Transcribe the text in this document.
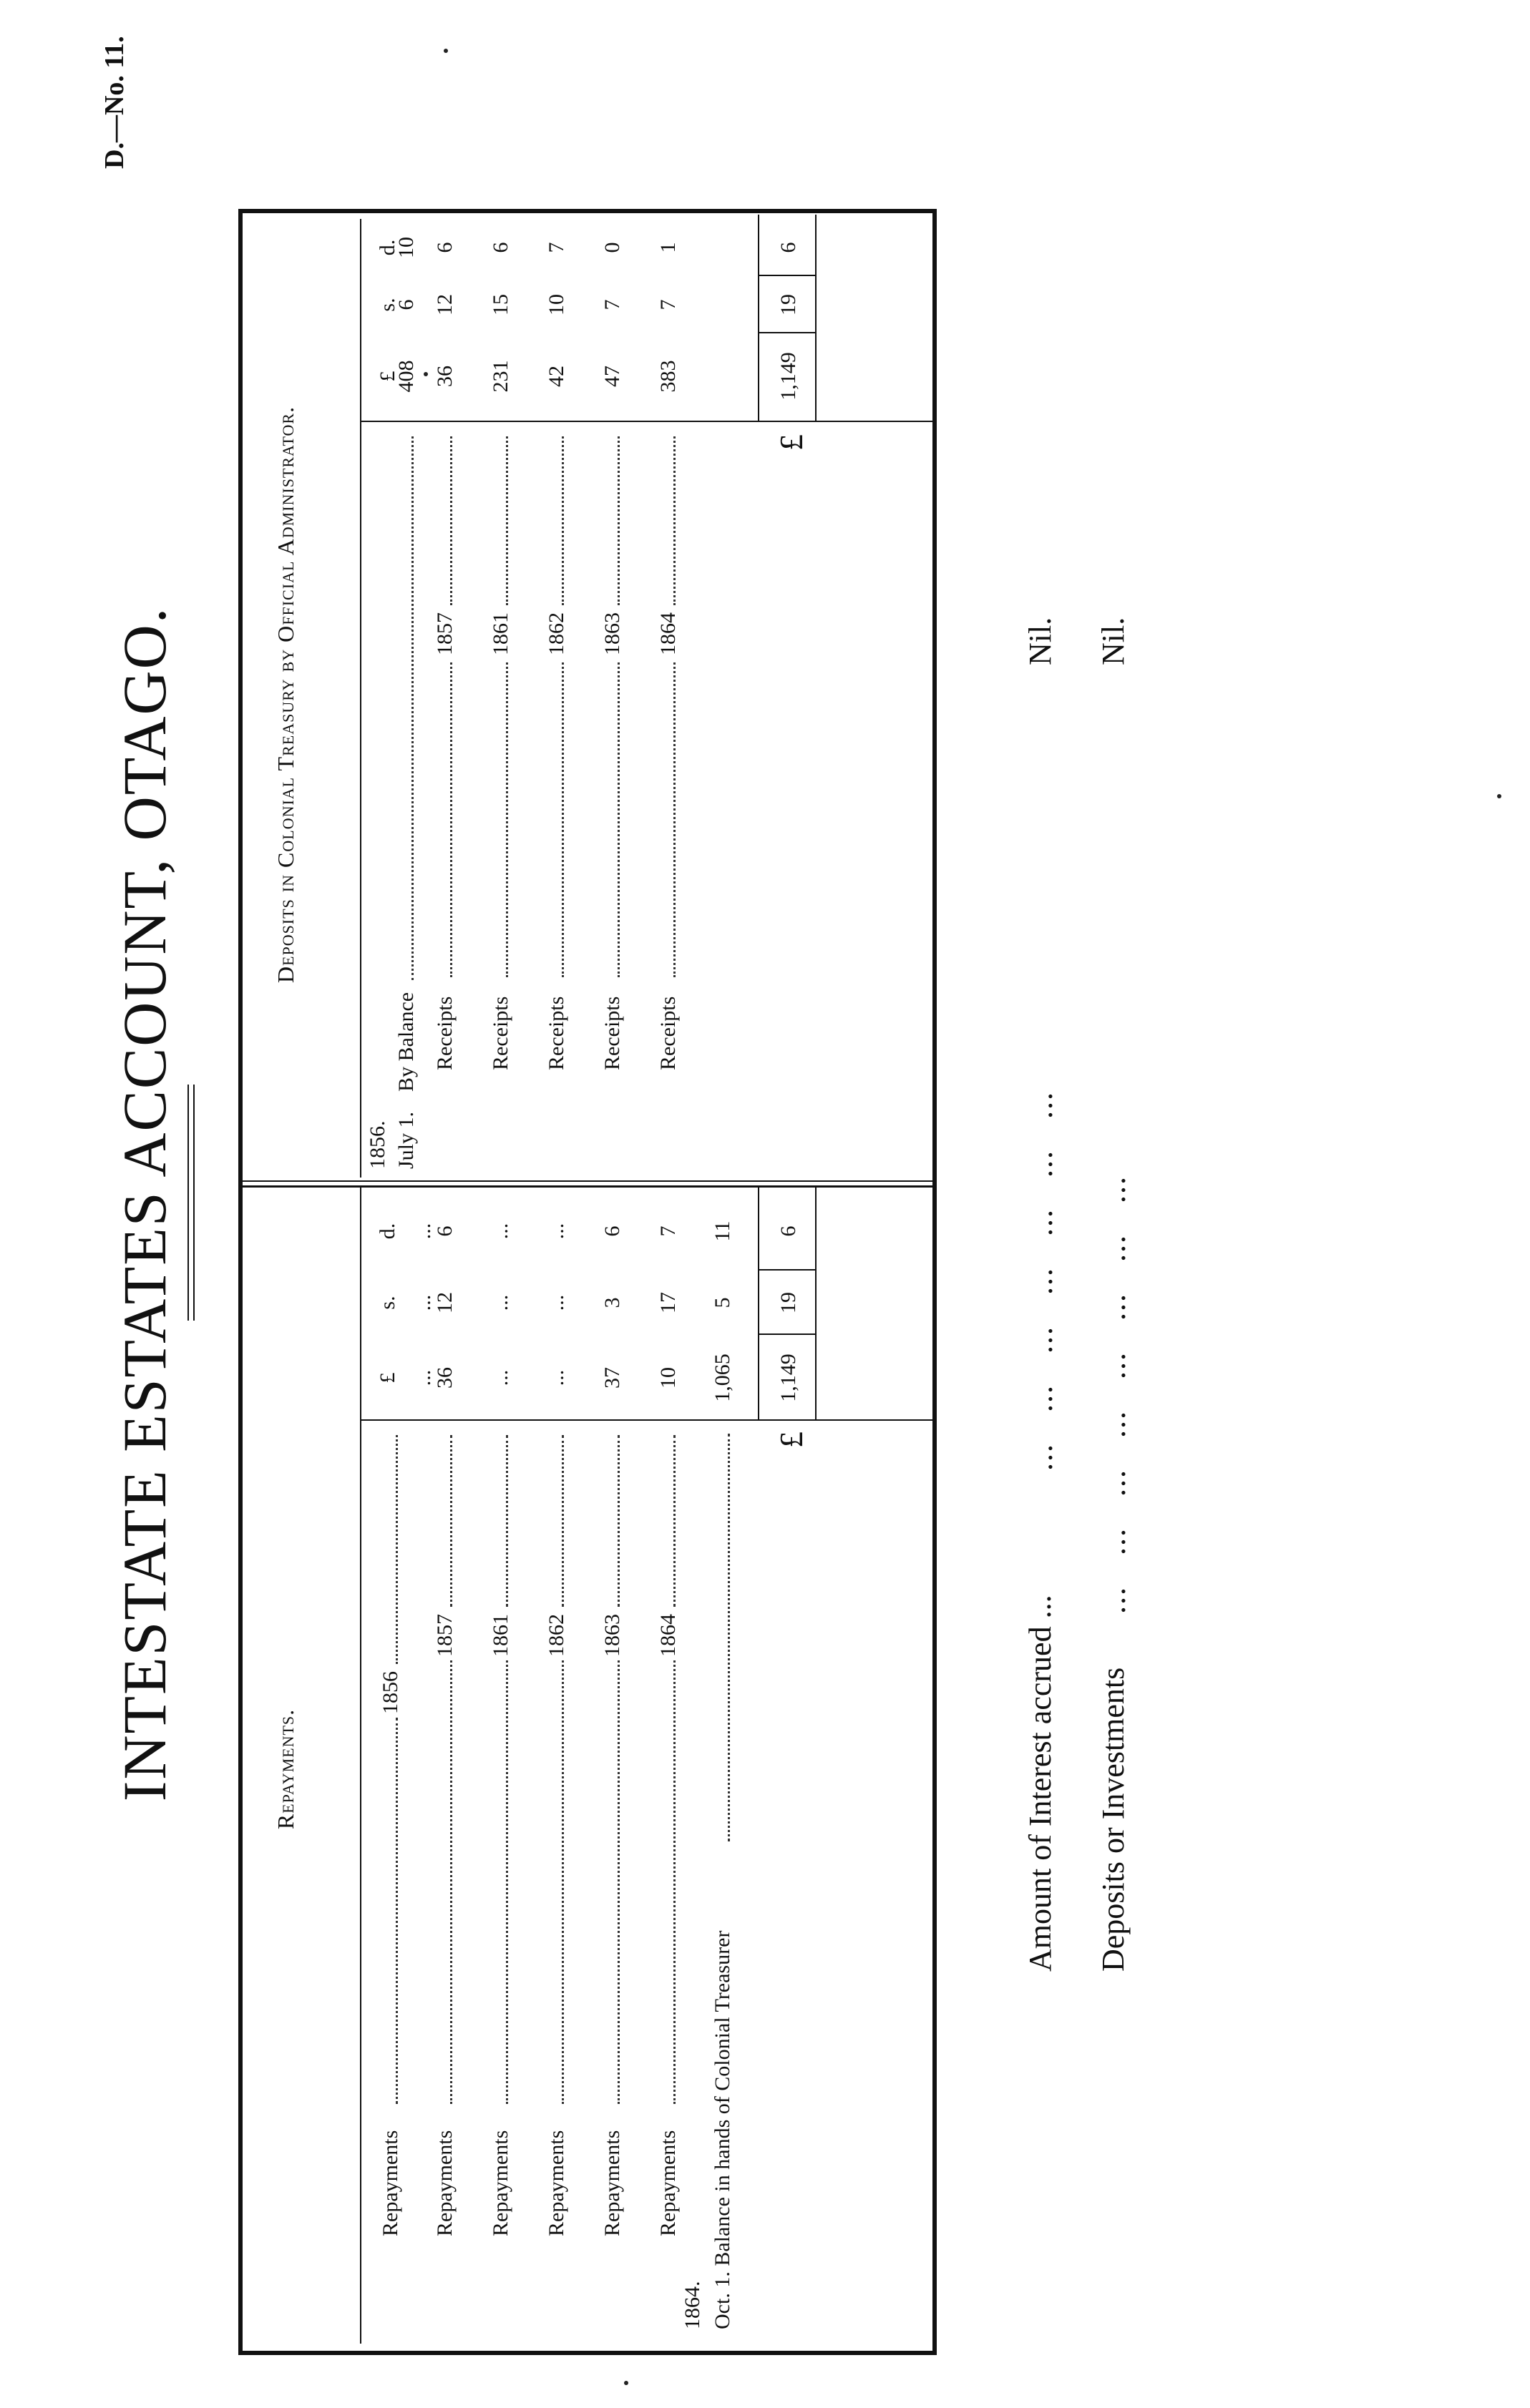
D.—No. 11.
INTESTATE ESTATES ACCOUNT, OTAGO.	Repayments.
£
s.
d.
Repayments
1856
...
...
...
Repayments
1857
36
12
6
Repayments
1861
...
...
...
Repayments
1862
...
...
...
Repayments
1863
37
3
6
Repayments
1864
10
17
7
1864. Oct. 1. Balance in hands of Colonial Treasurer
1,065
5
11
£
1,149
19
6
Deposits in Colonial Treasury by Official Administrator.
£
s.
d.
1856. July 1.
By Balance
408
6
10
Receipts
1857
36
12
6
Receipts
1861
231
15
6
Receipts
1862
42
10
7
Receipts
1863
47
7
0
Receipts
1864
383
7
1
£
1,149
19
6
Amount of Interest accrued ...
... ... ... ... ... ... ...
Nil.
Deposits or Investments
... ... ... ... ... ... ... ...
Nil.
